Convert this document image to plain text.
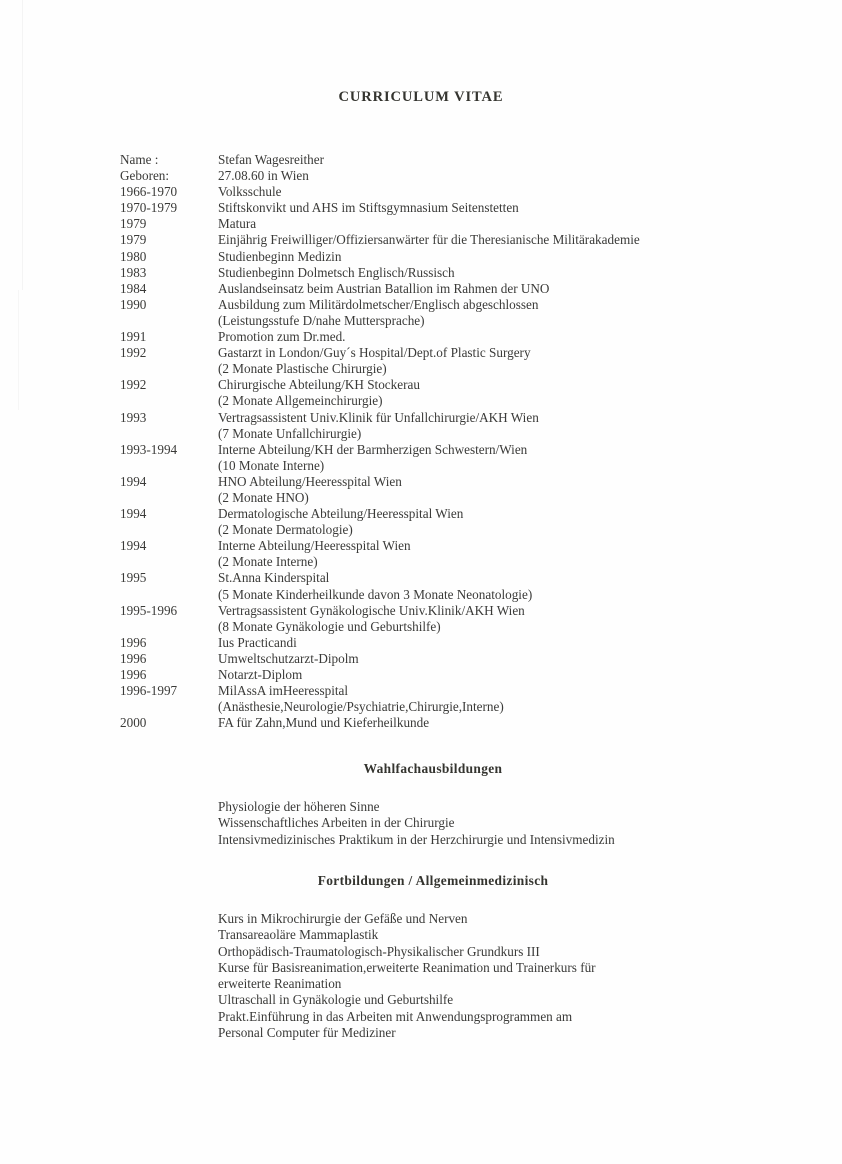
CURRICULUM VITAE
Name :	Stefan Wagesreither
Geboren:	27.08.60 in Wien
1966-1970	Volksschule
1970-1979	Stiftskonvikt und AHS im Stiftsgymnasium Seitenstetten
1979	Matura
1979	Einjährig Freiwilliger/Offiziersanwärter für die Theresianische Militärakademie
1980	Studienbeginn Medizin
1983	Studienbeginn Dolmetsch Englisch/Russisch
1984	Auslandseinsatz beim Austrian Batallion im Rahmen der UNO
1990	Ausbildung zum Militärdolmetscher/Englisch abgeschlossen
(Leistungsstufe D/nahe Muttersprache)
1991	Promotion zum Dr.med.
1992	Gastarzt in London/Guy´s Hospital/Dept.of Plastic Surgery
(2 Monate Plastische Chirurgie)
1992	Chirurgische Abteilung/KH Stockerau
(2 Monate Allgemeinchirurgie)
1993	Vertragsassistent Univ.Klinik für Unfallchirurgie/AKH Wien
(7 Monate Unfallchirurgie)
1993-1994	Interne Abteilung/KH der Barmherzigen Schwestern/Wien
(10 Monate Interne)
1994	HNO Abteilung/Heeresspital Wien
(2 Monate HNO)
1994	Dermatologische Abteilung/Heeresspital Wien
(2 Monate Dermatologie)
1994	Interne Abteilung/Heeresspital Wien
(2 Monate Interne)
1995	St.Anna Kinderspital
(5 Monate Kinderheilkunde davon 3 Monate Neonatologie)
1995-1996	Vertragsassistent Gynäkologische Univ.Klinik/AKH Wien
(8 Monate Gynäkologie und Geburtshilfe)
1996	Ius Practicandi
1996	Umweltschutzarzt-Dipolm
1996	Notarzt-Diplom
1996-1997	MilAssA imHeeresspital
(Anästhesie,Neurologie/Psychiatrie,Chirurgie,Interne)
2000	FA für Zahn,Mund und Kieferheilkunde
Wahlfachausbildungen
Physiologie der höheren Sinne
Wissenschaftliches Arbeiten in der Chirurgie
Intensivmedizinisches Praktikum in der Herzchirurgie und Intensivmedizin
Fortbildungen / Allgemeinmedizinisch
Kurs in Mikrochirurgie der Gefäße und Nerven
Transareaoläre Mammaplastik
Orthopädisch-Traumatologisch-Physikalischer Grundkurs III
Kurse für Basisreanimation,erweiterte Reanimation und Trainerkurs für
erweiterte Reanimation
Ultraschall in Gynäkologie und Geburtshilfe
Prakt.Einführung in das Arbeiten mit Anwendungsprogrammen am
Personal Computer für Mediziner
